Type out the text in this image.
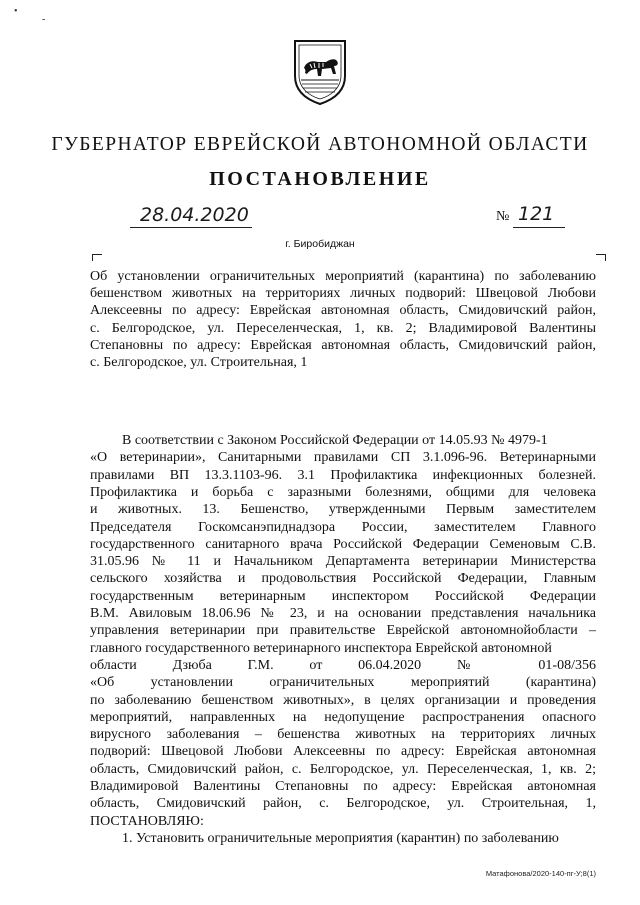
•
-
ГУБЕРНАТОР ЕВРЕЙСКОЙ АВТОНОМНОЙ ОБЛАСТИ
ПОСТАНОВЛЕНИЕ
28.04.2020	№ 121
г. Биробиджан
Об установлении ограничительных мероприятий (карантина) по заболеванию
бешенством животных на территориях личных подворий: Швецовой Любови
Алексеевны по адресу: Еврейская автономная область, Смидовичский район,
с. Белгородское, ул. Переселенческая, 1, кв. 2; Владимировой Валентины
Степановны по адресу: Еврейская автономная область, Смидовичский район,
с. Белгородское, ул. Строительная, 1
В соответствии с Законом Российской Федерации от 14.05.93 № 4979-1
«О ветеринарии», Санитарными правилами СП 3.1.096-96. Ветеринарными
правилами ВП 13.3.1103-96. 3.1 Профилактика инфекционных болезней.
Профилактика и борьба с заразными болезнями, общими для человека
и животных. 13. Бешенство, утвержденными Первым заместителем
Председателя Госкомсанэпиднадзора России, заместителем Главного
государственного санитарного врача Российской Федерации Семеновым С.В.
31.05.96 № 11 и Начальником Департамента ветеринарии Министерства
сельского хозяйства и продовольствия Российской Федерации, Главным
государственным ветеринарным инспектором Российской Федерации
В.М. Авиловым 18.06.96 № 23, и на основании представления начальника
управления ветеринарии при правительстве Еврейской автономнойобласти –
главного государственного ветеринарного инспектора Еврейской автономной
области Дзюба Г.М. от 06.04.2020 № 01-08/356
«Об установлении ограничительных мероприятий (карантина)
по заболеванию бешенством животных», в целях организации и проведения
мероприятий, направленных на недопущение распространения опасного
вирусного заболевания – бешенства животных на территориях личных
подворий: Швецовой Любови Алексеевны по адресу: Еврейская автономная
область, Смидовичский район, с. Белгородское, ул. Переселенческая, 1, кв. 2;
Владимировой Валентины Степановны по адресу: Еврейская автономная
область, Смидовичский район, с. Белгородское, ул. Строительная, 1,
ПОСТАНОВЛЯЮ:
1. Установить ограничительные мероприятия (карантин) по заболеванию
Матафонова/2020-140-пг-У;8(1)
